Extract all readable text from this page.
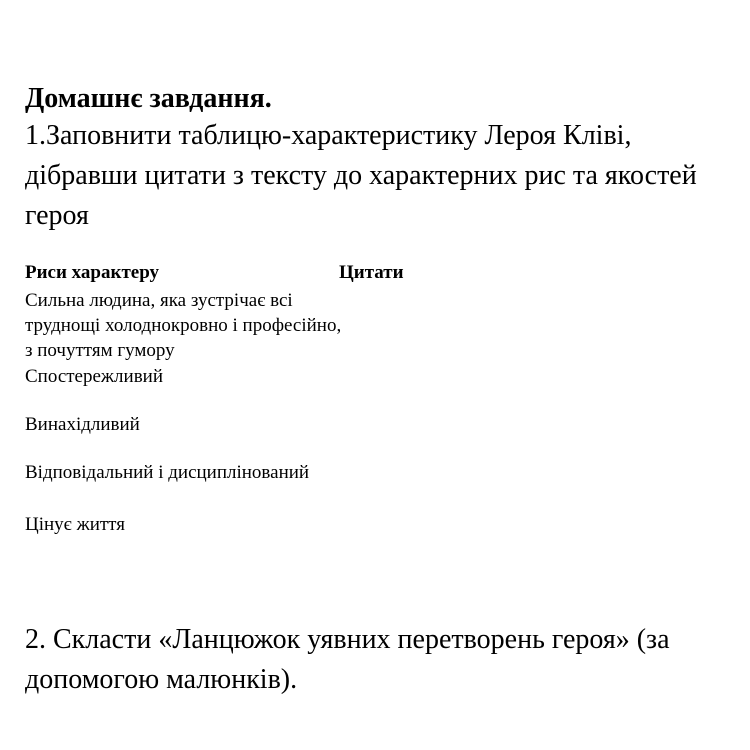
Домашнє завдання.

1.Заповнити таблицю-характеристику Лероя Кліві, дібравши цитати з тексту до характерних рис та якостей героя

Риси характеру	Цитати
Сильна людина, яка зустрічає всі труднощі холоднокровно і професійно, з почуттям гумору
Спостережливий
Винахідливий
Відповідальний і дисциплінований
Цінує життя

2. Скласти «Ланцюжок уявних перетворень героя» (за допомогою малюнків).
